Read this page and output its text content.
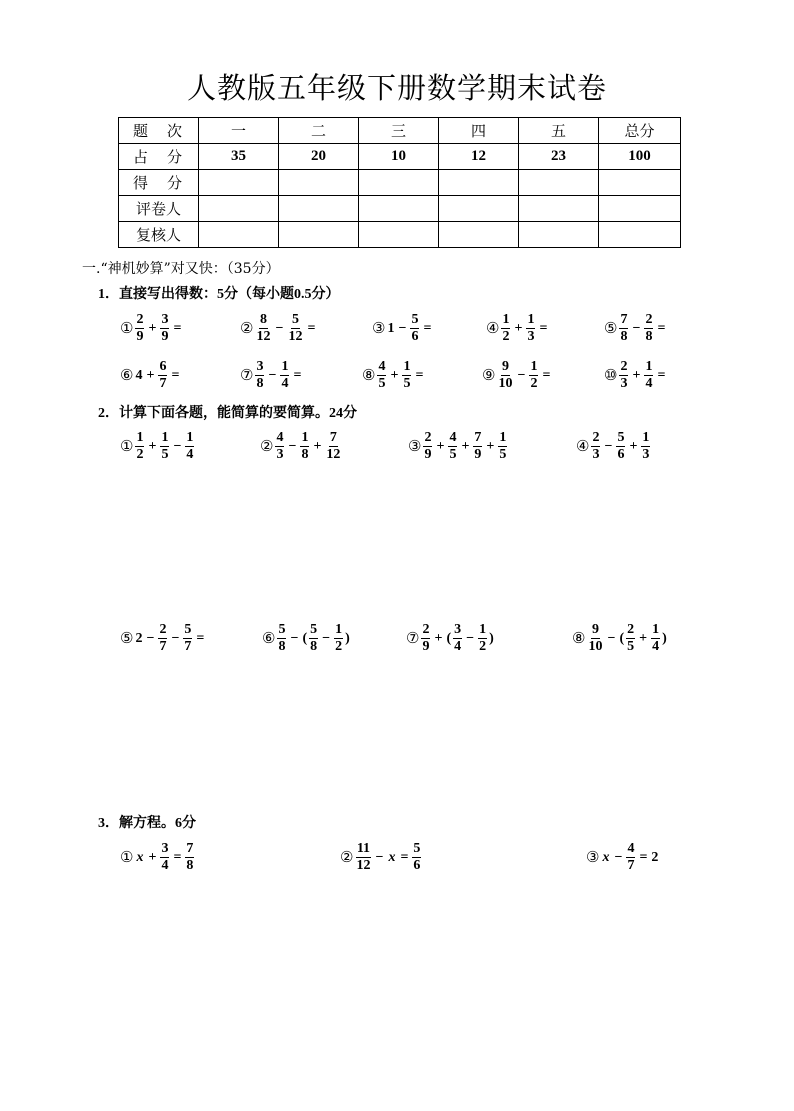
人教版五年级下册数学期末试卷
题　次	一	二	三	四	五	总分
占　分	35	20	10	12	23	100
得　分						
评卷人						
复核人						
一.“神机妙算”对又快：（35分）
1．直接写出得数：5分（每小题0.5分）
2．计算下面各题，能简算的要简算。24分
3．解方程。6分
① $\frac{2}{9} + \frac{3}{9}$ =	② $\frac{8}{12} - \frac{5}{12}$ =	③ $1 - \frac{5}{6}$ =	④ $\frac{1}{2} + \frac{1}{3}$ =	⑤ $\frac{7}{8} - \frac{2}{8}$ =
⑥ $4 + \frac{6}{7}$ =	⑦ $\frac{3}{8} - \frac{1}{4}$ =	⑧ $\frac{4}{5} + \frac{1}{5}$ =	⑨ $\frac{9}{10} - \frac{1}{2}$ =	⑩ $\frac{2}{3} + \frac{1}{4}$ =
① $\frac{1}{2} + \frac{1}{5} - \frac{1}{4}$	② $\frac{4}{3} - \frac{1}{8} + \frac{7}{12}$	③ $\frac{2}{9} + \frac{4}{5} + \frac{7}{9} + \frac{1}{5}$	④ $\frac{2}{3} - \frac{5}{6} + \frac{1}{3}$
⑤ $2 - \frac{2}{7} - \frac{5}{7}$ =	⑥ $\frac{5}{8}$ − ( $\frac{5}{8} - \frac{1}{2}$ )	⑦ $\frac{2}{9}$ + ( $\frac{3}{4} - \frac{1}{2}$ )	⑧ $\frac{9}{10}$ − ( $\frac{2}{5} + \frac{1}{4}$ )
① $x + \frac{3}{4} = \frac{7}{8}$	② $\frac{11}{12} - x = \frac{5}{6}$	③ $x - \frac{4}{7} = 2$
